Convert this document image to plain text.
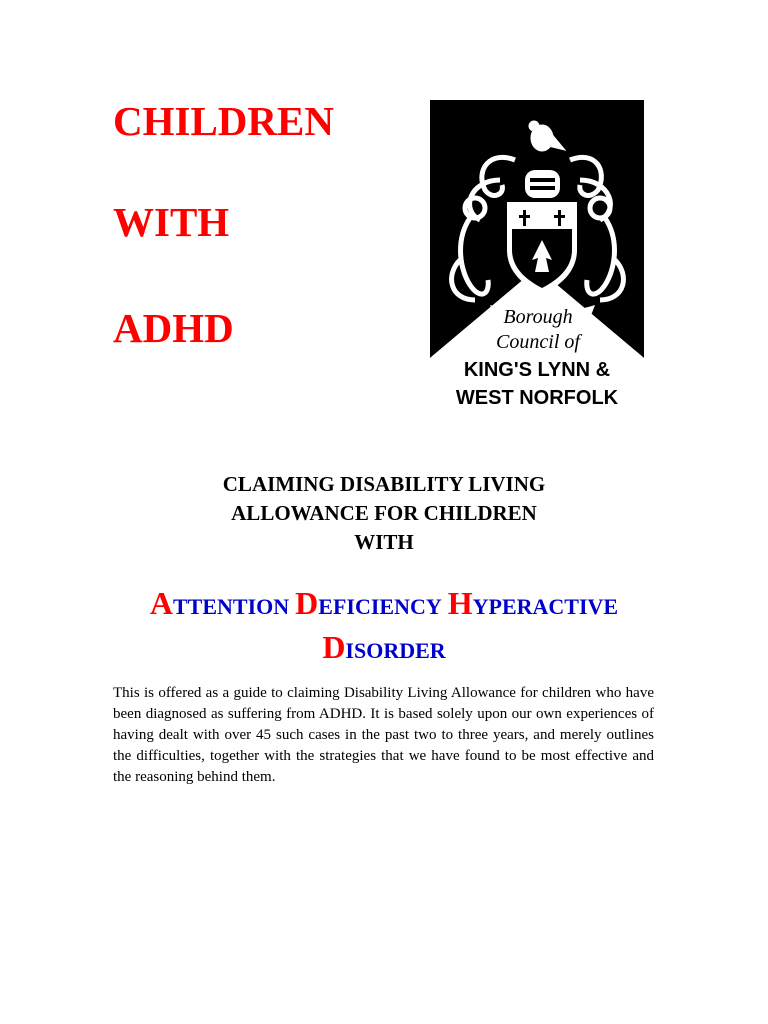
CHILDREN
WITH
ADHD	Borough
Council of
KING'S LYNN &
WEST NORFOLK
CLAIMING DISABILITY LIVING
ALLOWANCE FOR CHILDREN
WITH
ATTENTION DEFICIENCY HYPERACTIVE
DISORDER

This is offered as a guide to claiming Disability Living Allowance for children who have been diagnosed as suffering from ADHD. It is based solely upon our own experiences of having dealt with over 45 such cases in the past two to three years, and merely outlines the difficulties, together with the strategies that we have found to be most effective and the reasoning behind them.
